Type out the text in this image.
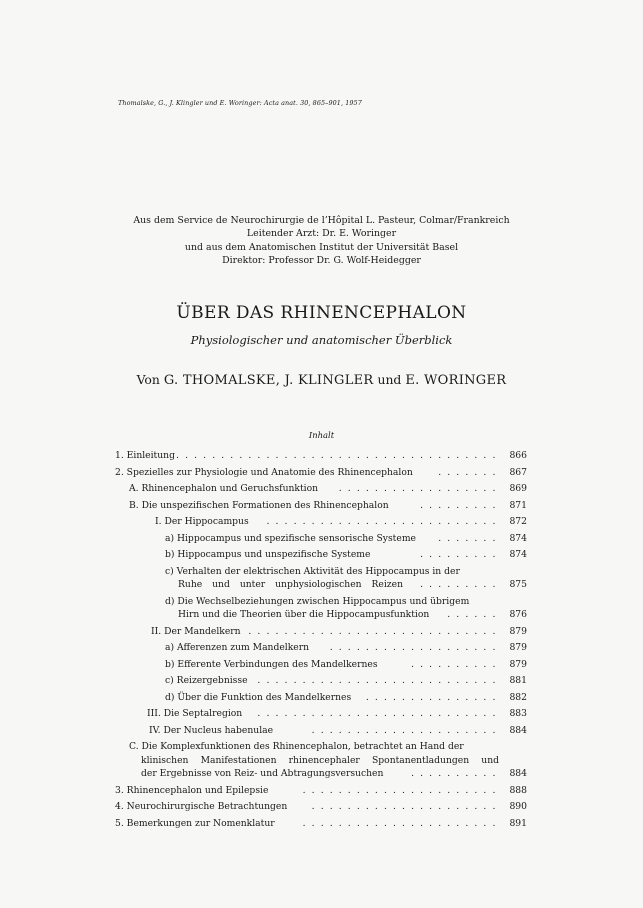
Thomalske, G., J. Klingler und E. Woringer: Acta anat. 30, 865–901, 1957
Aus dem Service de Neurochirurgie de l’Hôpital L. Pasteur, Colmar/Frankreich
Leitender Arzt: Dr. E. Woringer
und aus dem Anatomischen Institut der Universität Basel
Direktor: Professor Dr. G. Wolf-Heidegger
ÜBER DAS RHINENCEPHALON
Physiologischer und anatomischer Überblick
Von G. THOMALSKE, J. KLINGLER und E. WORINGER
Inhalt
1. Einleitung . . .	866
2. Spezielles zur Physiologie und Anatomie des Rhinencephalon . . .	867
A. Rhinencephalon und Geruchsfunktion . . .	869
B. Die unspezifischen Formationen des Rhinencephalon . . .	871
I. Der Hippocampus . . .	872
a) Hippocampus und spezifische sensorische Systeme . . .	874
b) Hippocampus und unspezifische Systeme . . .	874
c) Verhalten der elektrischen Aktivität des Hippocampus in der
Ruhe und unter unphysiologischen Reizen . . .	875
d) Die Wechselbeziehungen zwischen Hippocampus und übrigem
Hirn und die Theorien über die Hippocampusfunktion . . .	876
II. Der Mandelkern . . .	879
a) Afferenzen zum Mandelkern . . .	879
b) Efferente Verbindungen des Mandelkernes . . .	879
c) Reizergebnisse . . .	881
d) Über die Funktion des Mandelkernes . . .	882
III. Die Septalregion . . .	883
IV. Der Nucleus habenulae . . .	884
C. Die Komplexfunktionen des Rhinencephalon, betrachtet an Hand der
klinischen Manifestationen rhinencephaler Spontanentladungen und
der Ergebnisse von Reiz- und Abtragungsversuchen . . .	884
3. Rhinencephalon und Epilepsie . . .	888
4. Neurochirurgische Betrachtungen . . .	890
5. Bemerkungen zur Nomenklatur . . .	891
